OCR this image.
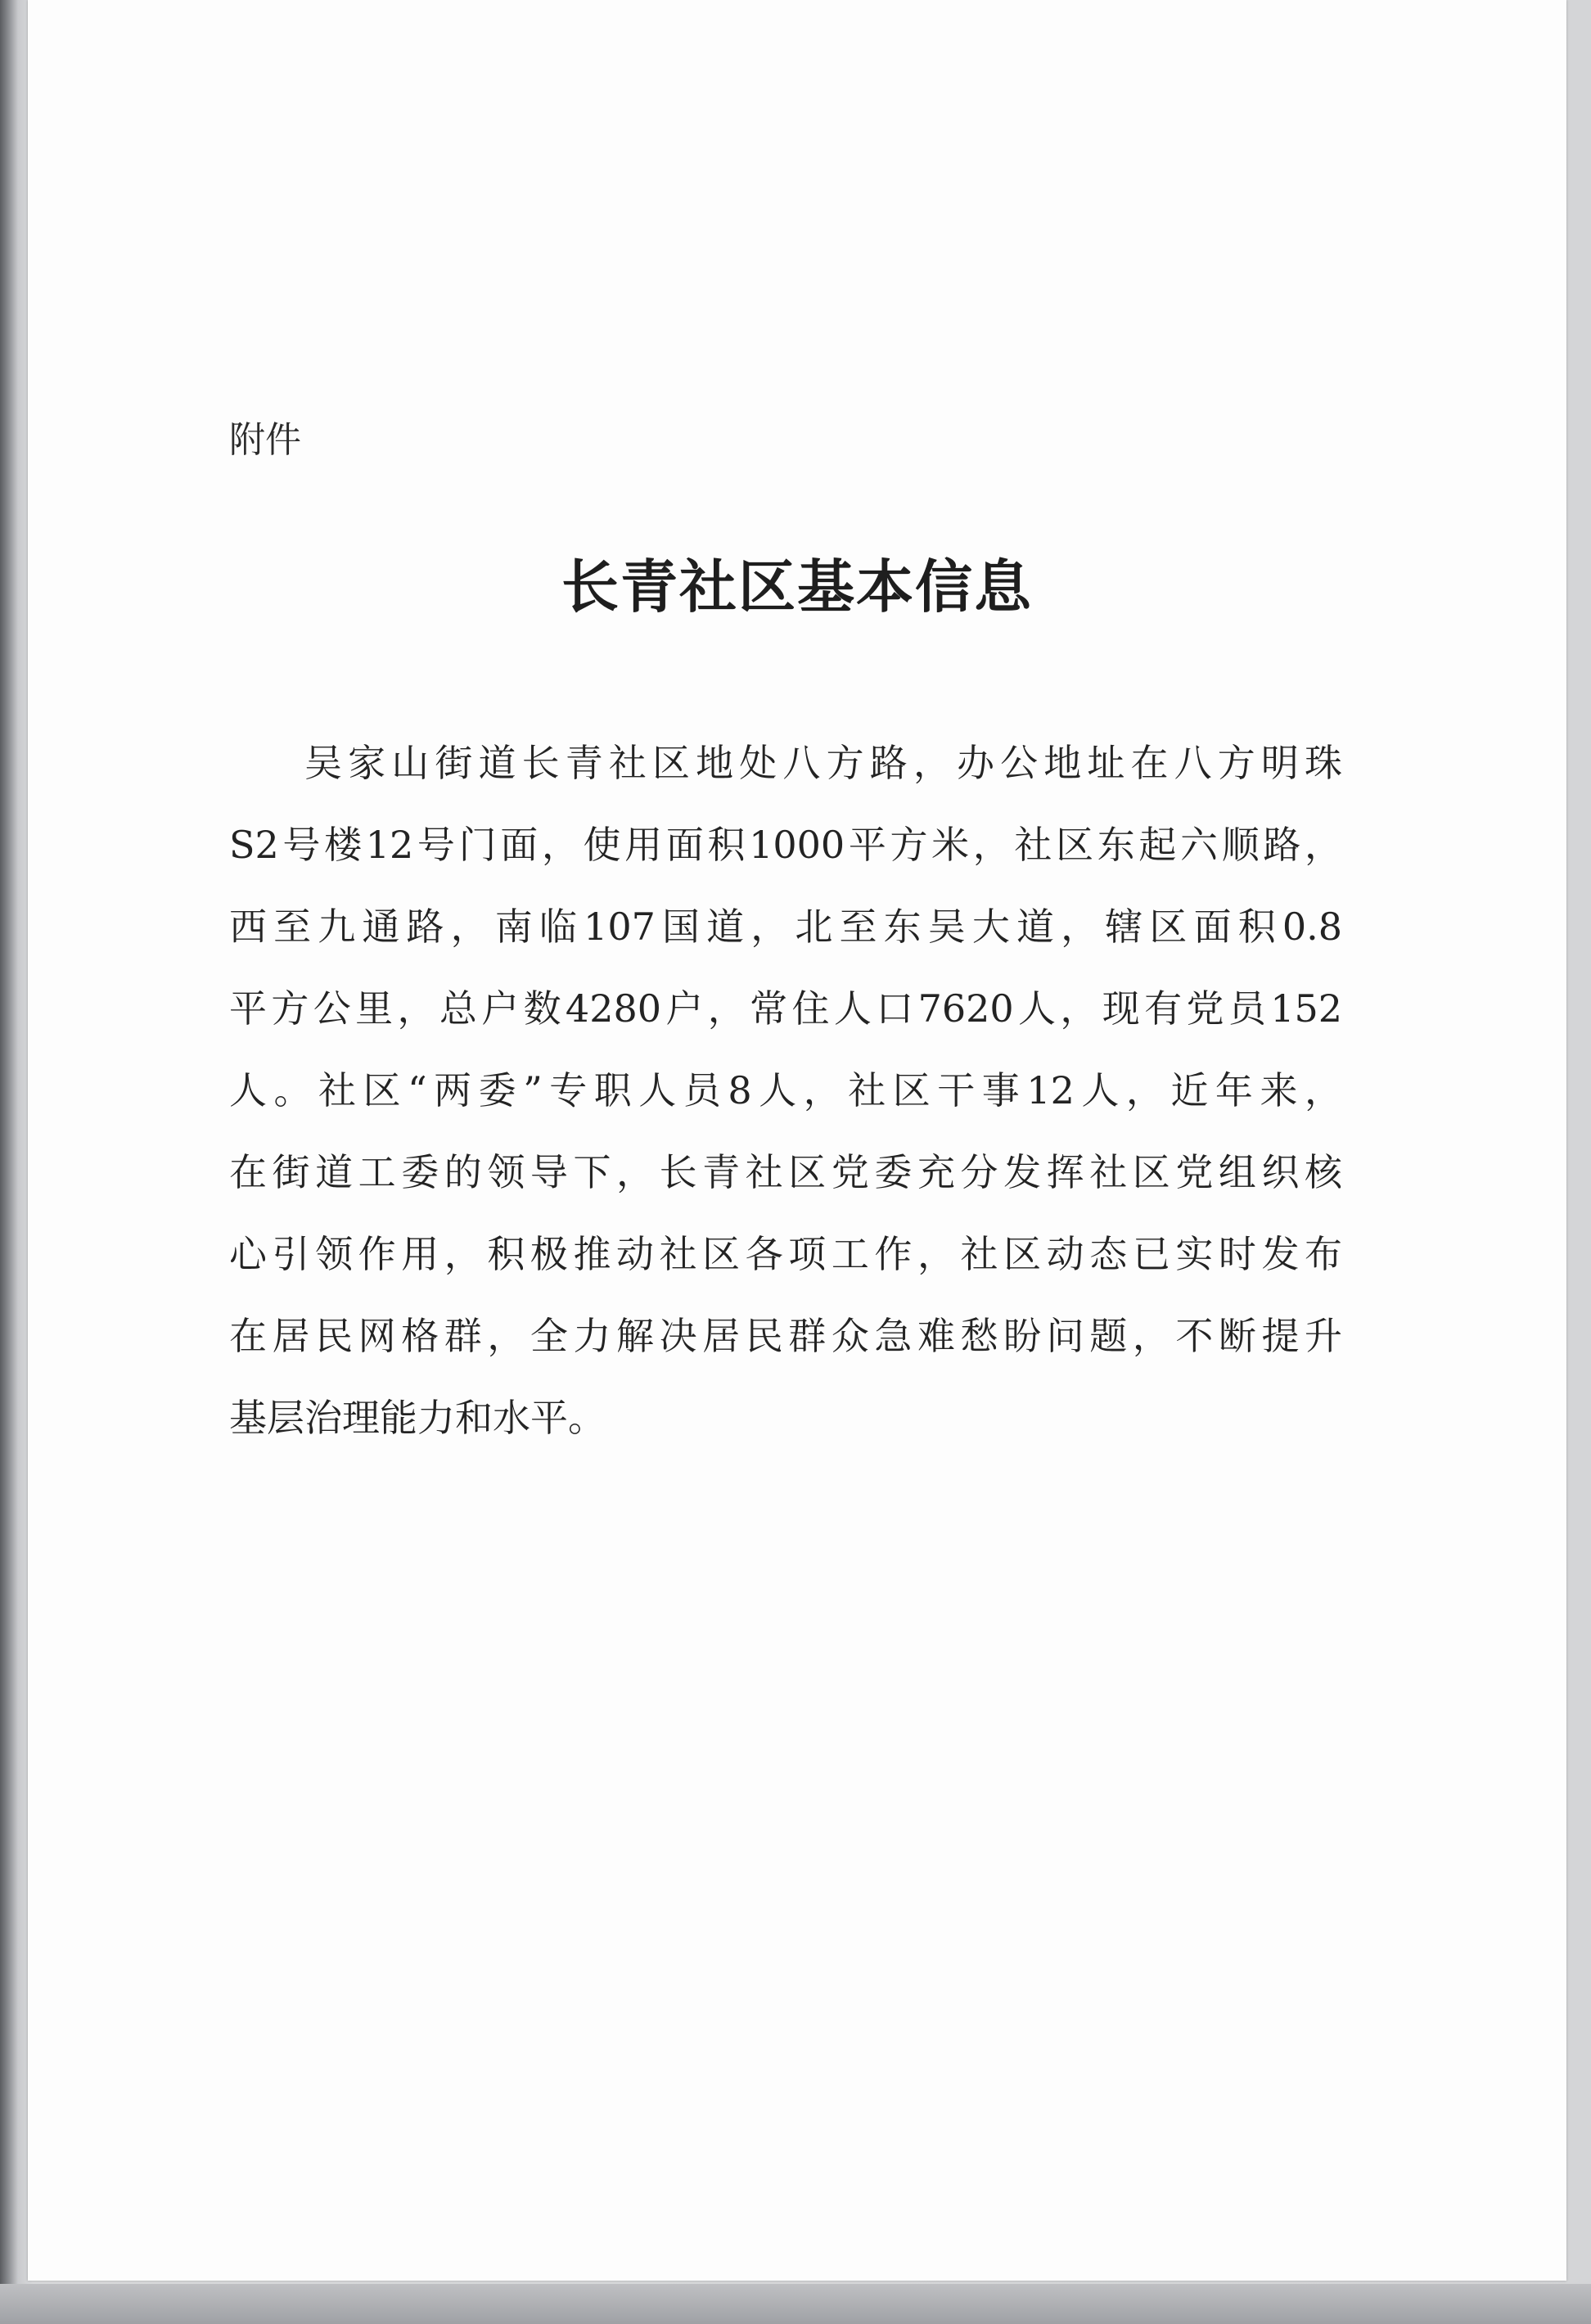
附件
长青社区基本信息
吴家山街道长青社区地处八方路，办公地址在八方明珠
S2号楼12号门面，使用面积1000平方米，社区东起六顺路，
西至九通路，南临107国道，北至东吴大道，辖区面积0.8
平方公里，总户数4280户，常住人口7620人，现有党员152
人。社区“两委”专职人员8人，社区干事12人，近年来，
在街道工委的领导下，长青社区党委充分发挥社区党组织核
心引领作用，积极推动社区各项工作，社区动态已实时发布
在居民网格群，全力解决居民群众急难愁盼问题，不断提升
基层治理能力和水平。
